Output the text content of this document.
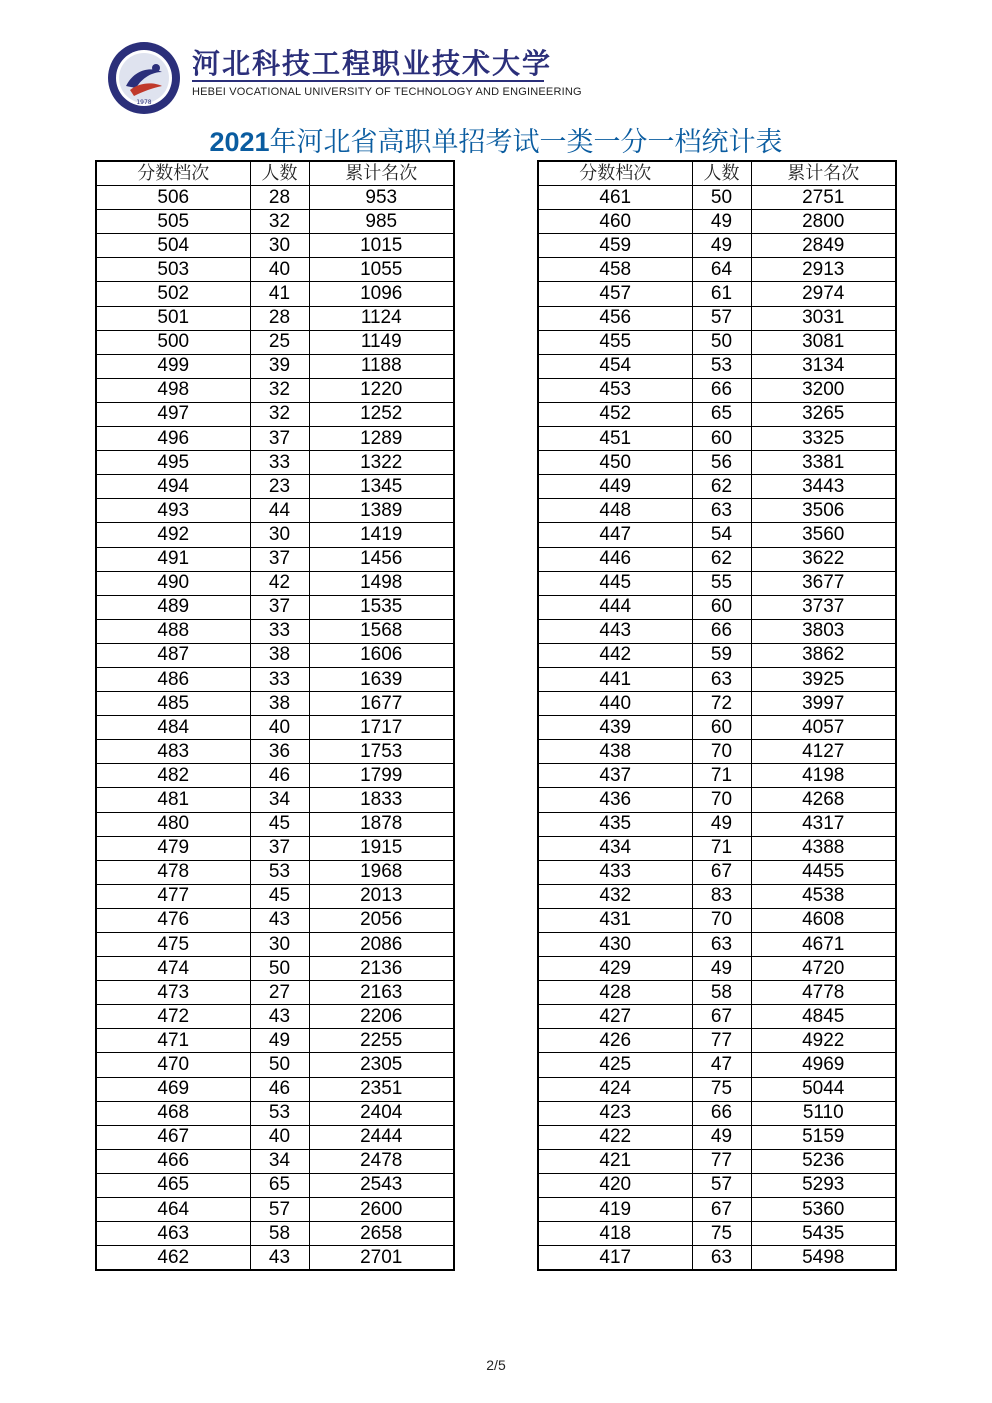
1978
河北科技工程职业技术大学
HEBEI VOCATIONAL UNIVERSITY OF TECHNOLOGY AND ENGINEERING
2021年河北省高职单招考试一类一分一档统计表
分数档次	人数	累计名次
506	28	953
505	32	985
504	30	1015
503	40	1055
502	41	1096
501	28	1124
500	25	1149
499	39	1188
498	32	1220
497	32	1252
496	37	1289
495	33	1322
494	23	1345
493	44	1389
492	30	1419
491	37	1456
490	42	1498
489	37	1535
488	33	1568
487	38	1606
486	33	1639
485	38	1677
484	40	1717
483	36	1753
482	46	1799
481	34	1833
480	45	1878
479	37	1915
478	53	1968
477	45	2013
476	43	2056
475	30	2086
474	50	2136
473	27	2163
472	43	2206
471	49	2255
470	50	2305
469	46	2351
468	53	2404
467	40	2444
466	34	2478
465	65	2543
464	57	2600
463	58	2658
462	43	2701
分数档次	人数	累计名次
461	50	2751
460	49	2800
459	49	2849
458	64	2913
457	61	2974
456	57	3031
455	50	3081
454	53	3134
453	66	3200
452	65	3265
451	60	3325
450	56	3381
449	62	3443
448	63	3506
447	54	3560
446	62	3622
445	55	3677
444	60	3737
443	66	3803
442	59	3862
441	63	3925
440	72	3997
439	60	4057
438	70	4127
437	71	4198
436	70	4268
435	49	4317
434	71	4388
433	67	4455
432	83	4538
431	70	4608
430	63	4671
429	49	4720
428	58	4778
427	67	4845
426	77	4922
425	47	4969
424	75	5044
423	66	5110
422	49	5159
421	77	5236
420	57	5293
419	67	5360
418	75	5435
417	63	5498
2/5
